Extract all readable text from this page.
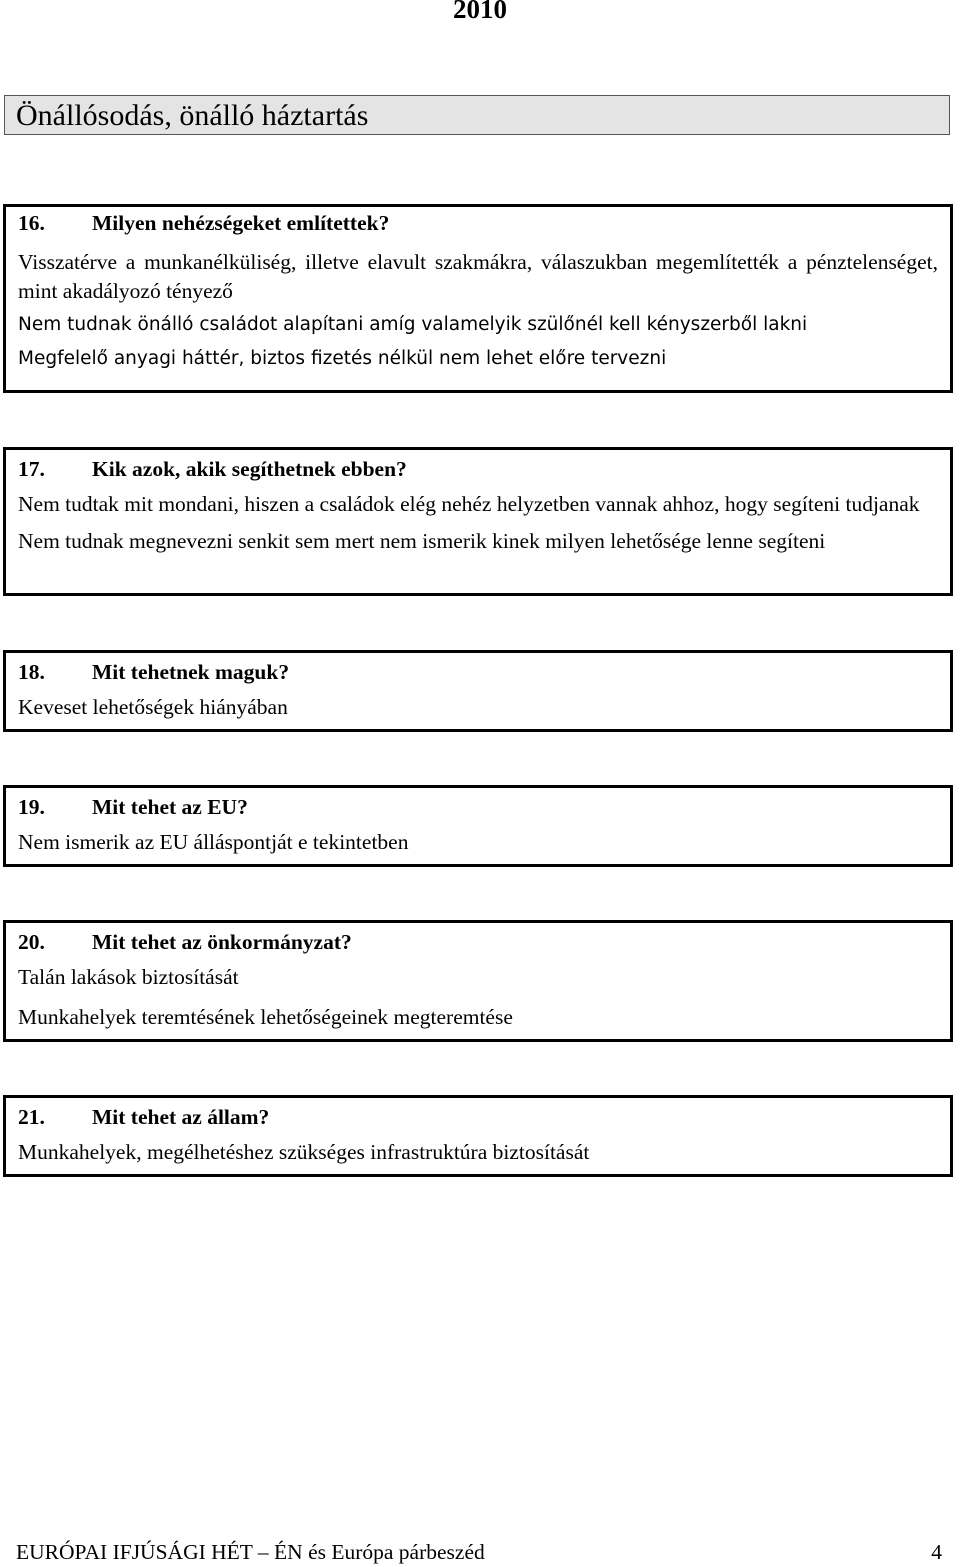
2010
Önállósodás, önálló háztartás
16.	Milyen nehézségeket említettek?
Visszatérve a munkanélküliség, illetve elavult szakmákra, válaszukban megemlítették a pénztelenséget, mint akadályozó tényező
Nem tudnak önálló családot alapítani amíg valamelyik szülőnél kell kényszerből lakni
Megfelelő anyagi háttér, biztos fizetés nélkül nem lehet előre tervezni
17.	Kik azok, akik segíthetnek ebben?
Nem tudtak mit mondani, hiszen a családok elég nehéz helyzetben vannak ahhoz, hogy segíteni tudjanak
Nem tudnak megnevezni senkit sem mert nem ismerik kinek milyen lehetősége lenne segíteni
18.	Mit tehetnek maguk?
Keveset lehetőségek hiányában
19.	Mit tehet az EU?
Nem ismerik az EU álláspontját e tekintetben
20.	Mit tehet az önkormányzat?
Talán lakások biztosítását
Munkahelyek teremtésének lehetőségeinek megteremtése
21.	Mit tehet az állam?
Munkahelyek, megélhetéshez szükséges infrastruktúra biztosítását
EURÓPAI IFJÚSÁGI HÉT – ÉN és Európa párbeszéd	4
